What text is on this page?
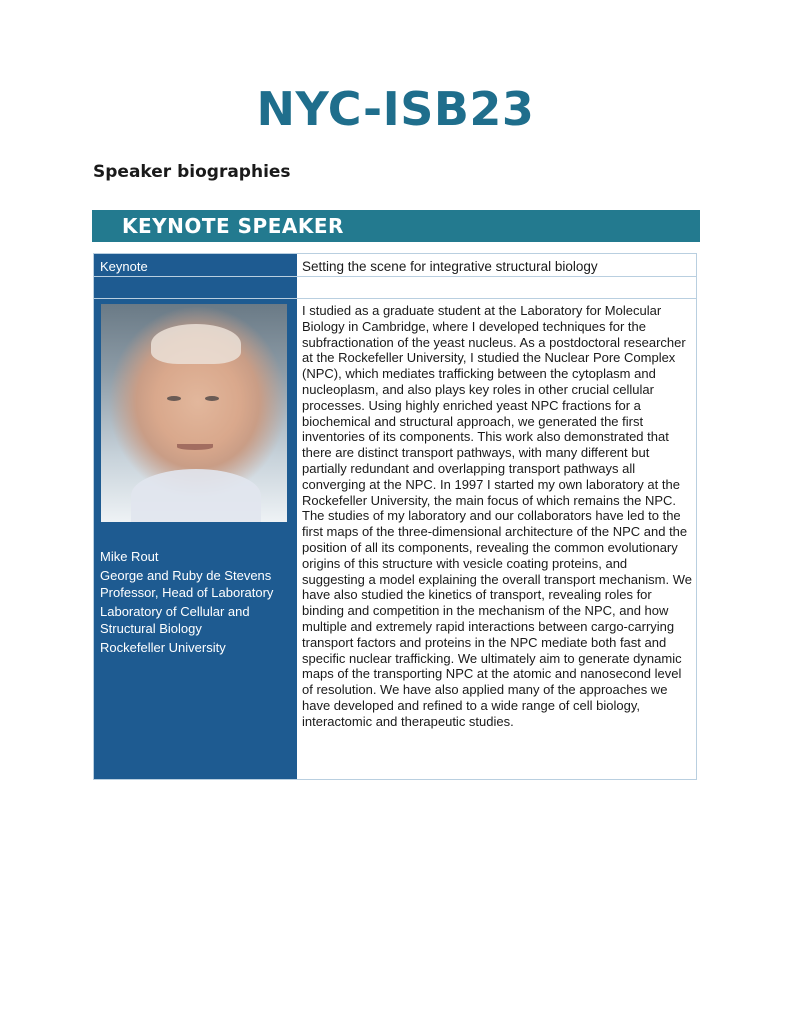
NYC-ISB23
Speaker biographies
KEYNOTE SPEAKER
Keynote
Mike Rout
George and Ruby de Stevens Professor, Head of Laboratory
Laboratory of Cellular and Structural Biology
Rockefeller University
Setting the scene for integrative structural biology
I studied as a graduate student at the Laboratory for Molecular Biology in Cambridge, where I developed techniques for the subfractionation of the yeast nucleus. As a postdoctoral researcher at the Rockefeller University, I studied the Nuclear Pore Complex (NPC), which mediates trafficking between the cytoplasm and nucleoplasm, and also plays key roles in other crucial cellular processes. Using highly enriched yeast NPC fractions for a biochemical and structural approach, we generated the first inventories of its components. This work also demonstrated that there are distinct transport pathways, with many different but partially redundant and overlapping transport pathways all converging at the NPC. In 1997 I started my own laboratory at the Rockefeller University, the main focus of which remains the NPC. The studies of my laboratory and our collaborators have led to the first maps of the three-dimensional architecture of the NPC and the position of all its components, revealing the common evolutionary origins of this structure with vesicle coating proteins, and suggesting a model explaining the overall transport mechanism. We have also studied the kinetics of transport, revealing roles for binding and competition in the mechanism of the NPC, and how multiple and extremely rapid interactions between cargo-carrying transport factors and proteins in the NPC mediate both fast and specific nuclear trafficking. We ultimately aim to generate dynamic maps of the transporting NPC at the atomic and nanosecond level of resolution. We have also applied many of the approaches we have developed and refined to a wide range of cell biology, interactomic and therapeutic studies.
